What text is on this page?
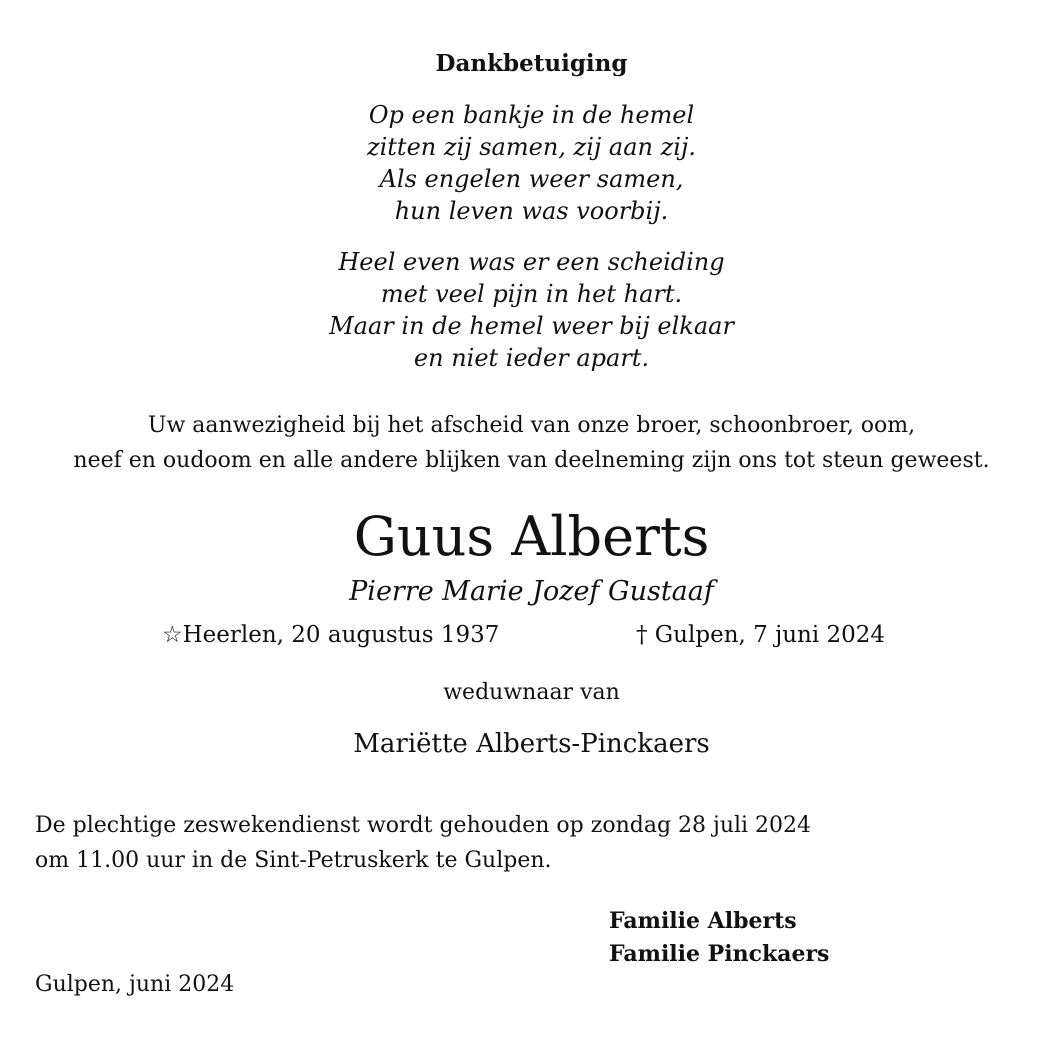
Dankbetuiging
Op een bankje in de hemel
zitten zij samen, zij aan zij.
Als engelen weer samen,
hun leven was voorbij.
Heel even was er een scheiding
met veel pijn in het hart.
Maar in de hemel weer bij elkaar
en niet ieder apart.
Uw aanwezigheid bij het afscheid van onze broer, schoonbroer, oom,
neef en oudoom en alle andere blijken van deelneming zijn ons tot steun geweest.
Guus Alberts
Pierre Marie Jozef Gustaaf
☆Heerlen, 20 augustus 1937	† Gulpen, 7 juni 2024
weduwnaar van
Mariëtte Alberts-Pinckaers
De plechtige zeswekendienst wordt gehouden op zondag 28 juli 2024
om 11.00 uur in de Sint-Petruskerk te Gulpen.
Familie Alberts
Familie Pinckaers
Gulpen, juni 2024
